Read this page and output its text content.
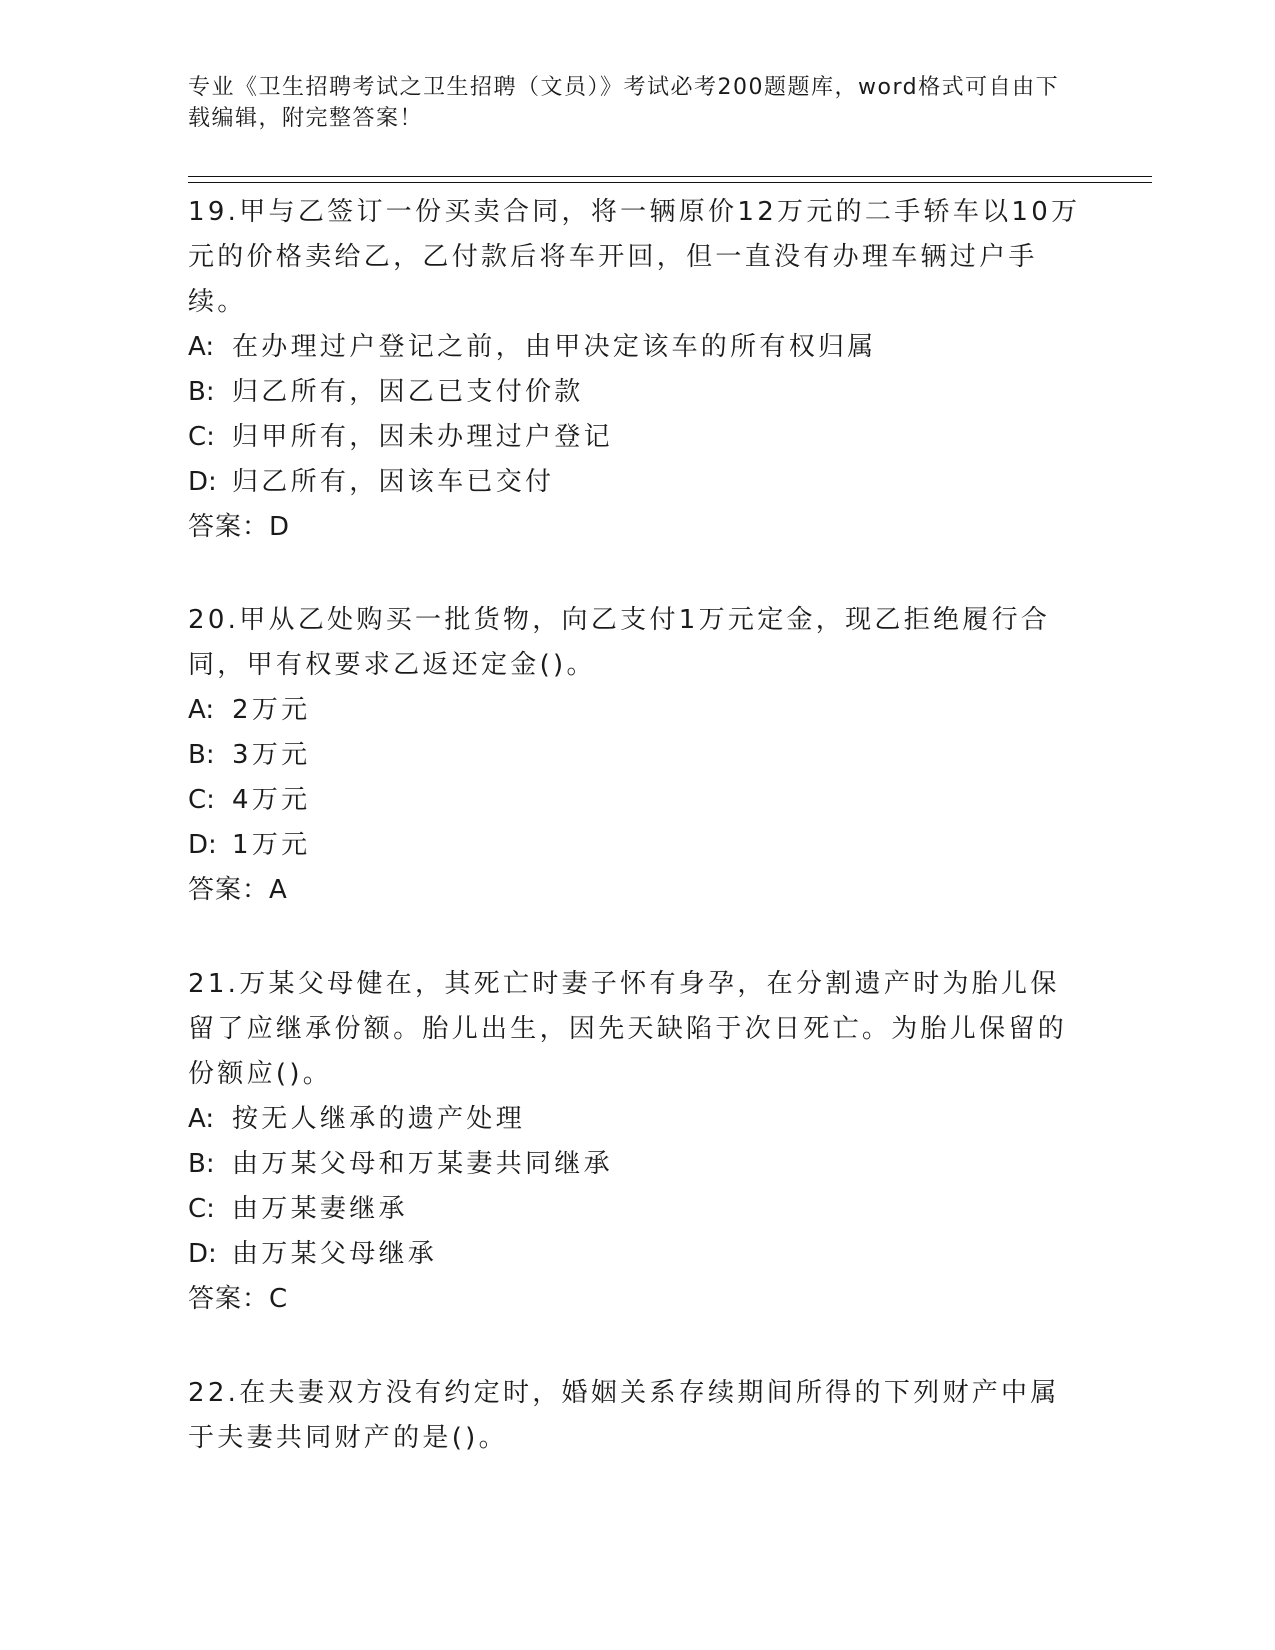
专业《卫生招聘考试之卫生招聘（文员）》考试必考200题题库，word格式可自由下载编辑，附完整答案！

19.甲与乙签订一份买卖合同，将一辆原价12万元的二手轿车以10万元的价格卖给乙，乙付款后将车开回，但一直没有办理车辆过户手续。

A: 在办理过户登记之前，由甲决定该车的所有权归属

B: 归乙所有，因乙已支付价款

C: 归甲所有，因未办理过户登记

D: 归乙所有，因该车已交付

答案：D

20.甲从乙处购买一批货物，向乙支付1万元定金，现乙拒绝履行合同，甲有权要求乙返还定金()。

A: 2万元

B: 3万元

C: 4万元

D: 1万元

答案：A

21.万某父母健在，其死亡时妻子怀有身孕，在分割遗产时为胎儿保留了应继承份额。胎儿出生，因先天缺陷于次日死亡。为胎儿保留的份额应()。

A: 按无人继承的遗产处理

B: 由万某父母和万某妻共同继承

C: 由万某妻继承

D: 由万某父母继承

答案：C

22.在夫妻双方没有约定时，婚姻关系存续期间所得的下列财产中属于夫妻共同财产的是()。
